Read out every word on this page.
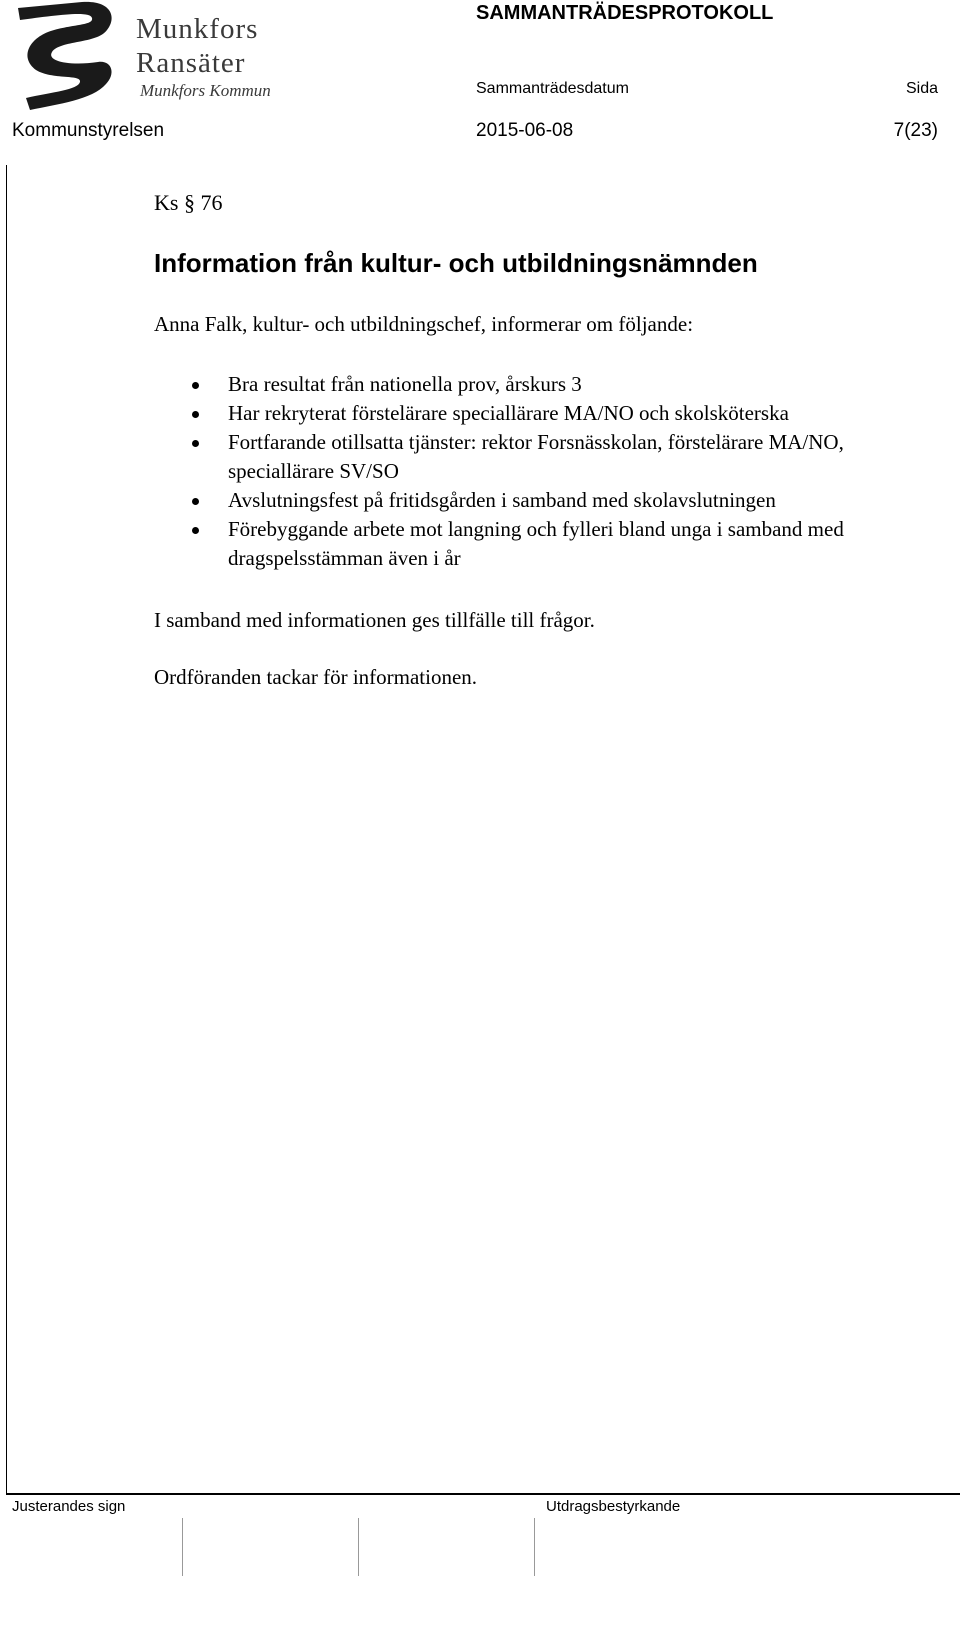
Munkfors
Ransäter
Munkfors Kommun
SAMMANTRÄDESPROTOKOLL
Sammanträdesdatum	Sida
Kommunstyrelsen	2015-06-08	7(23)
Ks § 76
Information från kultur- och utbildningsnämnden
Anna Falk, kultur- och utbildningschef, informerar om följande:
Bra resultat från nationella prov, årskurs 3
Har rekryterat förstelärare speciallärare MA/NO och skolsköterska
Fortfarande otillsatta tjänster: rektor Forsnässkolan, förstelärare MA/NO, speciallärare SV/SO
Avslutningsfest på fritidsgården i samband med skolavslutningen
Förebyggande arbete mot langning och fylleri bland unga i samband med dragspelsstämman även i år
I samband med informationen ges tillfälle till frågor.
Ordföranden tackar för informationen.
Justerandes sign	Utdragsbestyrkande
